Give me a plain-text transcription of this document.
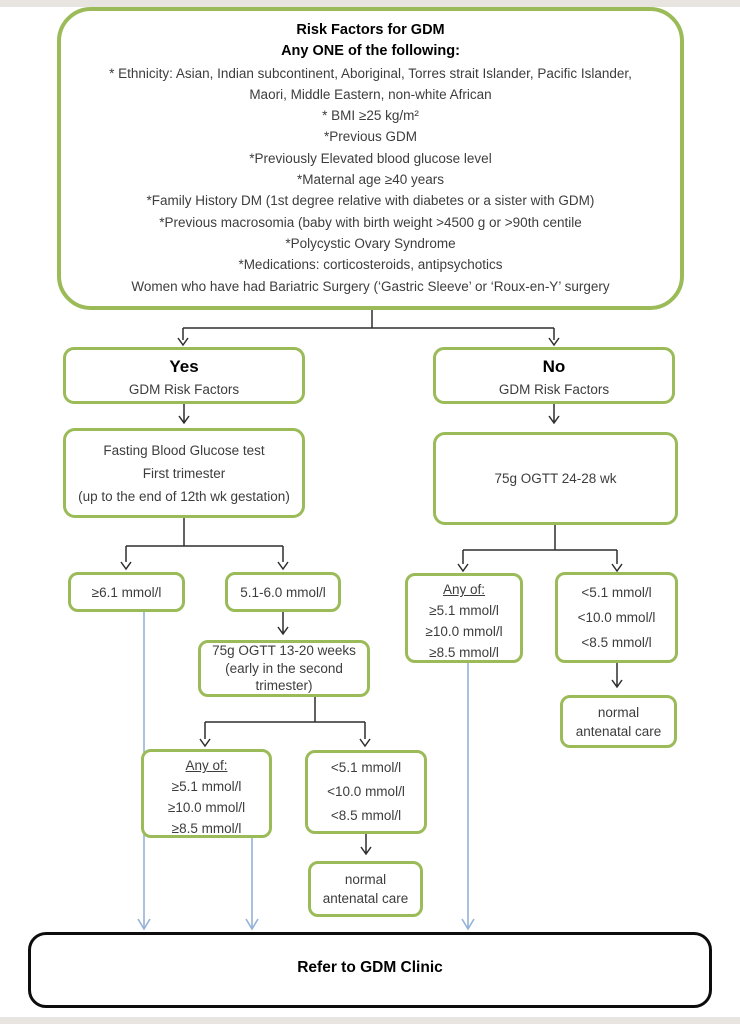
Risk Factors for GDM
Any ONE of the following:
* Ethnicity: Asian, Indian subcontinent, Aboriginal, Torres strait Islander, Pacific Islander,
Maori, Middle Eastern, non-white African
* BMI ≥25 kg/m²
*Previous GDM
*Previously Elevated blood glucose level
*Maternal age ≥40 years
*Family History DM (1st degree relative with diabetes or a sister with GDM)
*Previous macrosomia (baby with birth weight >4500 g or >90th centile
*Polycystic Ovary Syndrome
*Medications: corticosteroids, antipsychotics
Women who have had Bariatric Surgery (‘Gastric Sleeve’ or ‘Roux-en-Y’ surgery
Yes
GDM Risk Factors
Fasting Blood Glucose test
First trimester
(up to the end of 12th wk gestation)
≥6.1 mmol/l	5.1-6.0 mmol/l
75g OGTT 13-20 weeks
(early in the second
trimester)
Any of:
≥5.1 mmol/l
≥10.0 mmol/l
≥8.5 mmol/l
<5.1 mmol/l
<10.0 mmol/l
<8.5 mmol/l
normal
antenatal care
No
GDM Risk Factors
75g OGTT 24-28 wk
Any of:
≥5.1 mmol/l
≥10.0 mmol/l
≥8.5 mmol/l
<5.1 mmol/l
<10.0 mmol/l
<8.5 mmol/l
normal
antenatal care
Refer to GDM Clinic
